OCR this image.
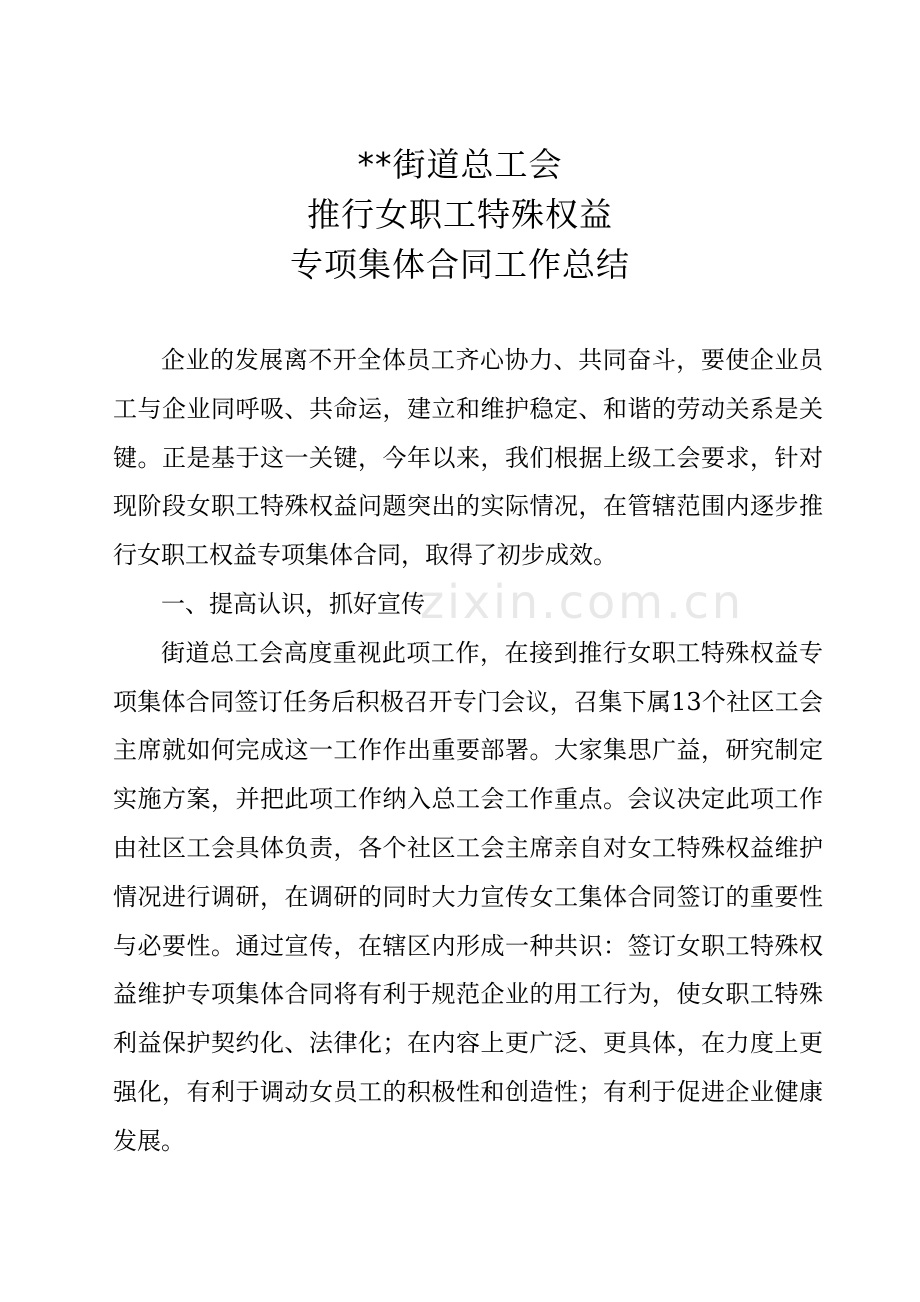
**街道总工会
推行女职工特殊权益
专项集体合同工作总结
zixin.com.cn

企业的发展离不开全体员工齐心协力、共同奋斗，要使企业员工与企业同呼吸、共命运，建立和维护稳定、和谐的劳动关系是关键。正是基于这一关键，今年以来，我们根据上级工会要求，针对现阶段女职工特殊权益问题突出的实际情况，在管辖范围内逐步推行女职工权益专项集体合同，取得了初步成效。

一、提高认识，抓好宣传

街道总工会高度重视此项工作，在接到推行女职工特殊权益专项集体合同签订任务后积极召开专门会议，召集下属13个社区工会主席就如何完成这一工作作出重要部署。大家集思广益，研究制定实施方案，并把此项工作纳入总工会工作重点。会议决定此项工作由社区工会具体负责，各个社区工会主席亲自对女工特殊权益维护情况进行调研，在调研的同时大力宣传女工集体合同签订的重要性与必要性。通过宣传，在辖区内形成一种共识：签订女职工特殊权益维护专项集体合同将有利于规范企业的用工行为，使女职工特殊利益保护契约化、法律化；在内容上更广泛、更具体，在力度上更强化，有利于调动女员工的积极性和创造性；有利于促进企业健康发展。
